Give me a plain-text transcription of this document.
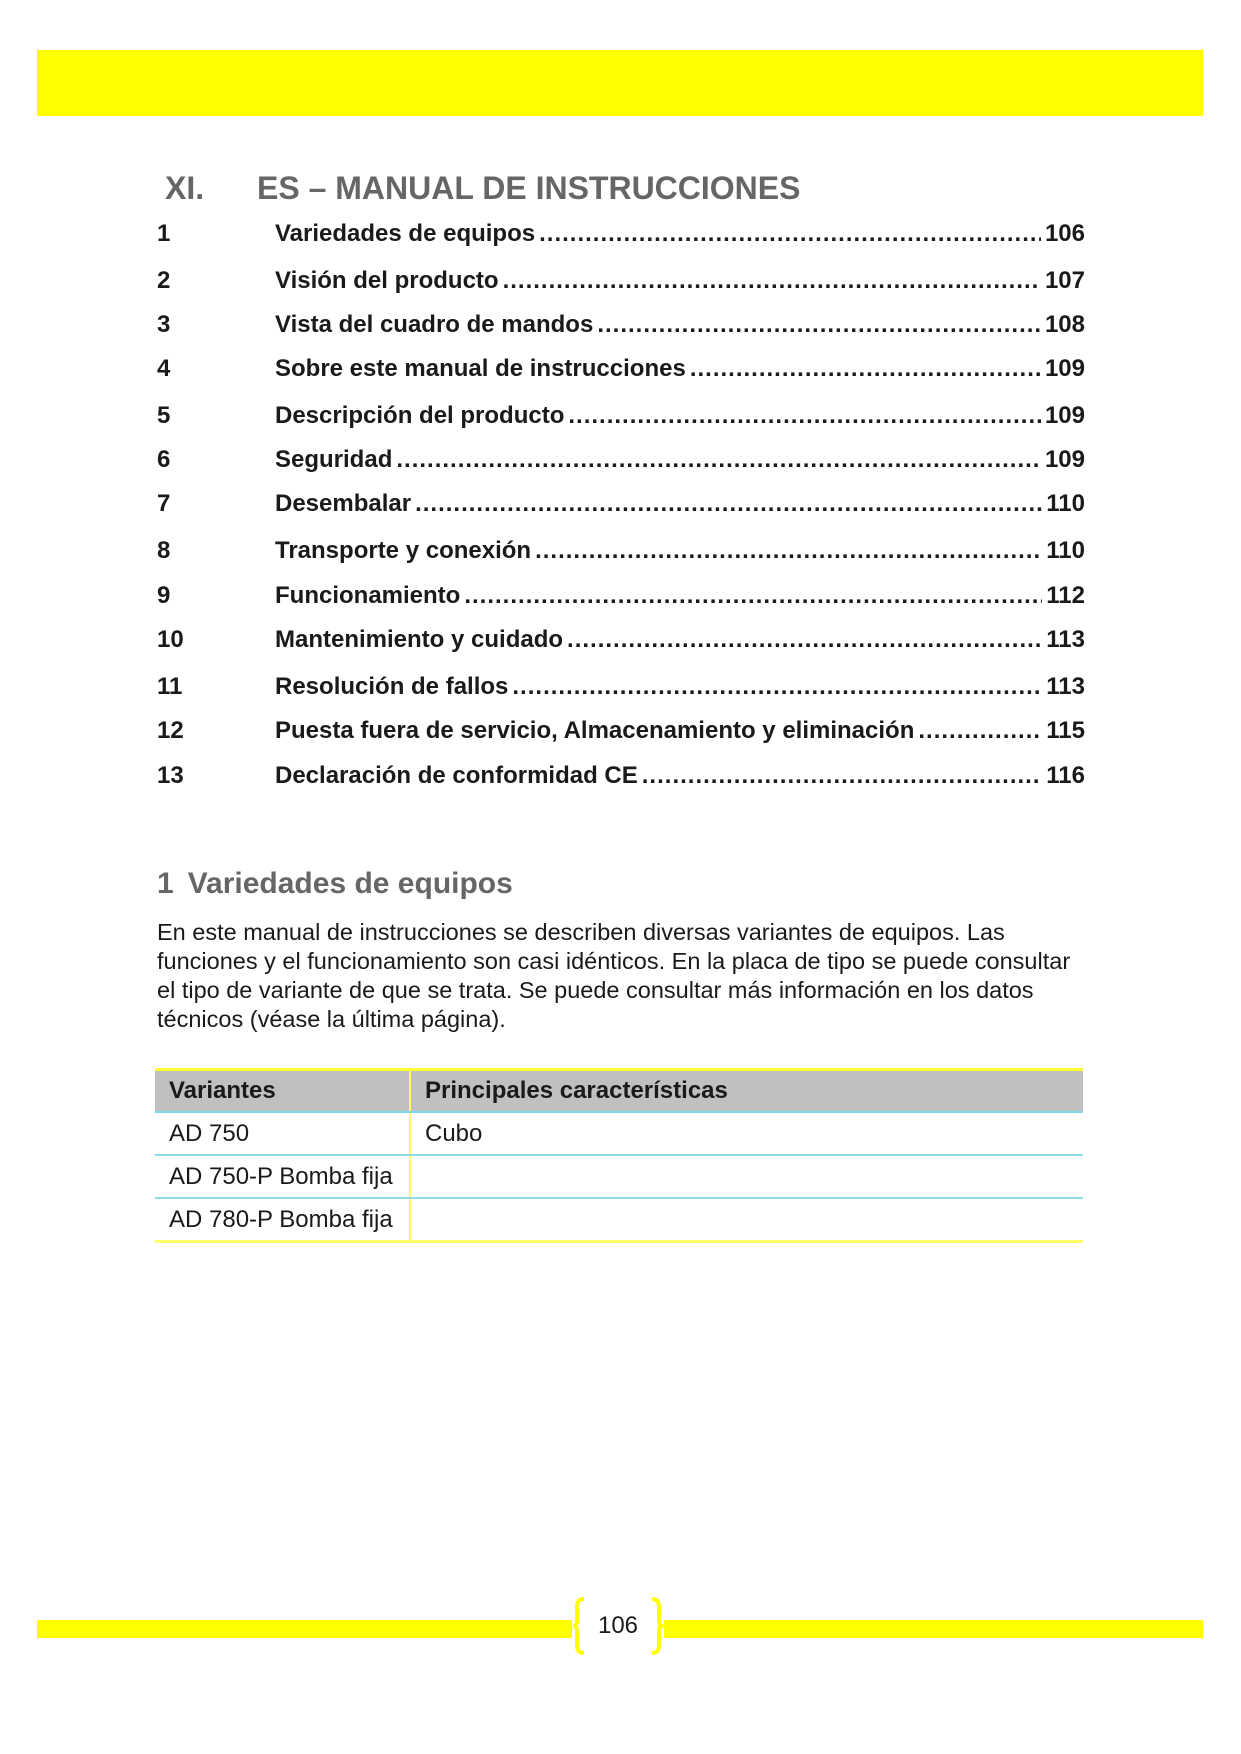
XI.	ES – MANUAL DE INSTRUCCIONES
1	Variedades de equipos .....	106
2	Visión del producto .....	107
3	Vista del cuadro de mandos .....	108
4	Sobre este manual de instrucciones .....	109
5	Descripción del producto .....	109
6	Seguridad .....	109
7	Desembalar .....	110
8	Transporte y conexión .....	110
9	Funcionamiento .....	112
10	Mantenimiento y cuidado .....	113
11	Resolución de fallos .....	113
12	Puesta fuera de servicio, Almacenamiento y eliminación .....	115
13	Declaración de conformidad CE .....	116
1 Variedades de equipos
En este manual de instrucciones se describen diversas variantes de equipos. Las funciones y el funcionamiento son casi idénticos. En la placa de tipo se puede consultar el tipo de variante de que se trata. Se puede consultar más información en los datos técnicos (véase la última página).
Variantes	Principales características
AD 750	Cubo
AD 750-P Bomba fija	
AD 780-P Bomba fija	
106
